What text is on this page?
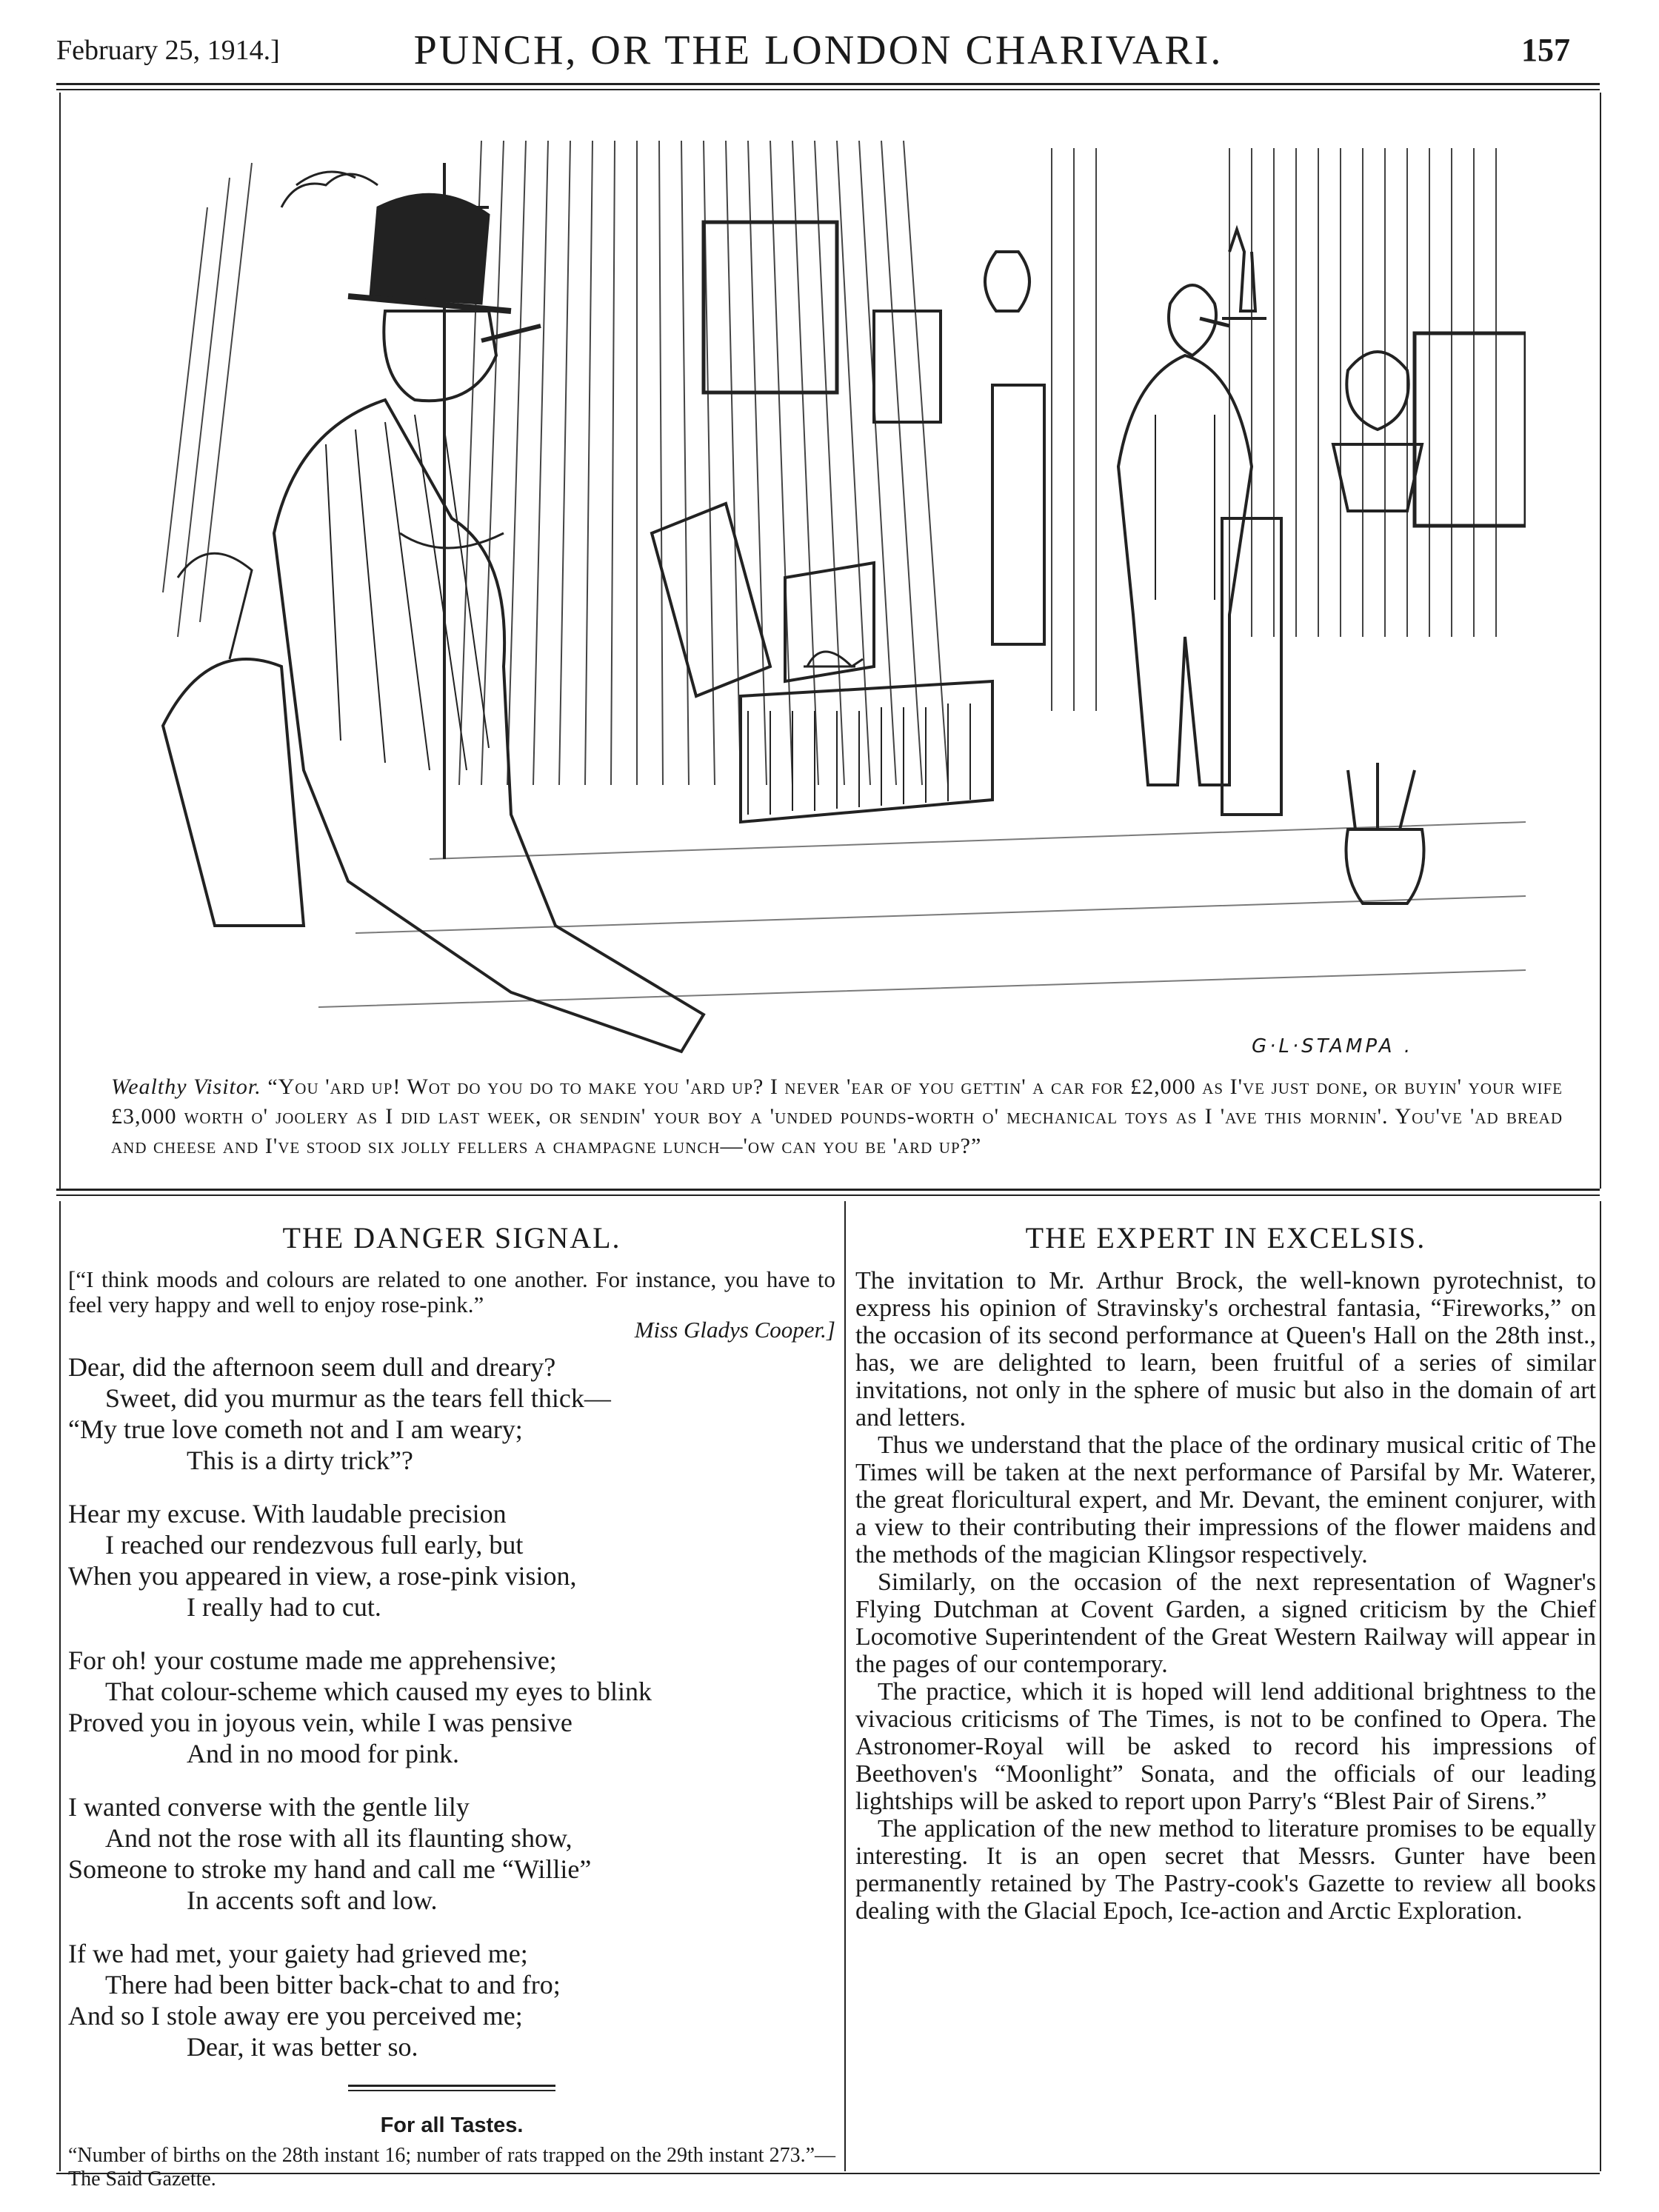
February 25, 1914.]	PUNCH, OR THE LONDON CHARIVARI.	157
G·L·STAMPA .
Wealthy Visitor. “You 'ard up! Wot do you do to make you 'ard up? I never 'ear of you gettin' a car for £2,000 as I've just done, or buyin' your wife £3,000 worth o' joolery as I did last week, or sendin' your boy a 'unded pounds-worth o' mechanical toys as I 'ave this mornin'. You've 'ad bread and cheese and I've stood six jolly fellers a champagne lunch—'ow can you be 'ard up?”
THE DANGER SIGNAL.
[“I think moods and colours are related to one another. For instance, you have to feel very happy and well to enjoy rose-pink.”
Miss Gladys Cooper.]
Dear, did the afternoon seem dull and dreary?
Sweet, did you murmur as the tears fell thick—
“My true love cometh not and I am weary;
This is a dirty trick”?
Hear my excuse. With laudable precision
I reached our rendezvous full early, but
When you appeared in view, a rose-pink vision,
I really had to cut.
For oh! your costume made me apprehensive;
That colour-scheme which caused my eyes to blink
Proved you in joyous vein, while I was pensive
And in no mood for pink.
I wanted converse with the gentle lily
And not the rose with all its flaunting show,
Someone to stroke my hand and call me “Willie”
In accents soft and low.
If we had met, your gaiety had grieved me;
There had been bitter back-chat to and fro;
And so I stole away ere you perceived me;
Dear, it was better so.
For all Tastes.
“Number of births on the 28th instant 16; number of rats trapped on the 29th instant 273.”—The Said Gazette.
THE EXPERT IN EXCELSIS.

The invitation to Mr. Arthur Brock, the well-known pyrotechnist, to express his opinion of Stravinsky's orchestral fantasia, “Fireworks,” on the occasion of its second performance at Queen's Hall on the 28th inst., has, we are delighted to learn, been fruitful of a series of similar invitations, not only in the sphere of music but also in the domain of art and letters.

Thus we understand that the place of the ordinary musical critic of The Times will be taken at the next performance of Parsifal by Mr. Waterer, the great floricultural expert, and Mr. Devant, the eminent conjurer, with a view to their contributing their impressions of the flower maidens and the methods of the magician Klingsor respectively.

Similarly, on the occasion of the next representation of Wagner's Flying Dutchman at Covent Garden, a signed criticism by the Chief Locomotive Superintendent of the Great Western Railway will appear in the pages of our contemporary.

The practice, which it is hoped will lend additional brightness to the vivacious criticisms of The Times, is not to be confined to Opera. The Astronomer-Royal will be asked to record his impressions of Beethoven's “Moonlight” Sonata, and the officials of our leading lightships will be asked to report upon Parry's “Blest Pair of Sirens.”

The application of the new method to literature promises to be equally interesting. It is an open secret that Messrs. Gunter have been permanently retained by The Pastry-cook's Gazette to review all books dealing with the Glacial Epoch, Ice-action and Arctic Exploration.
